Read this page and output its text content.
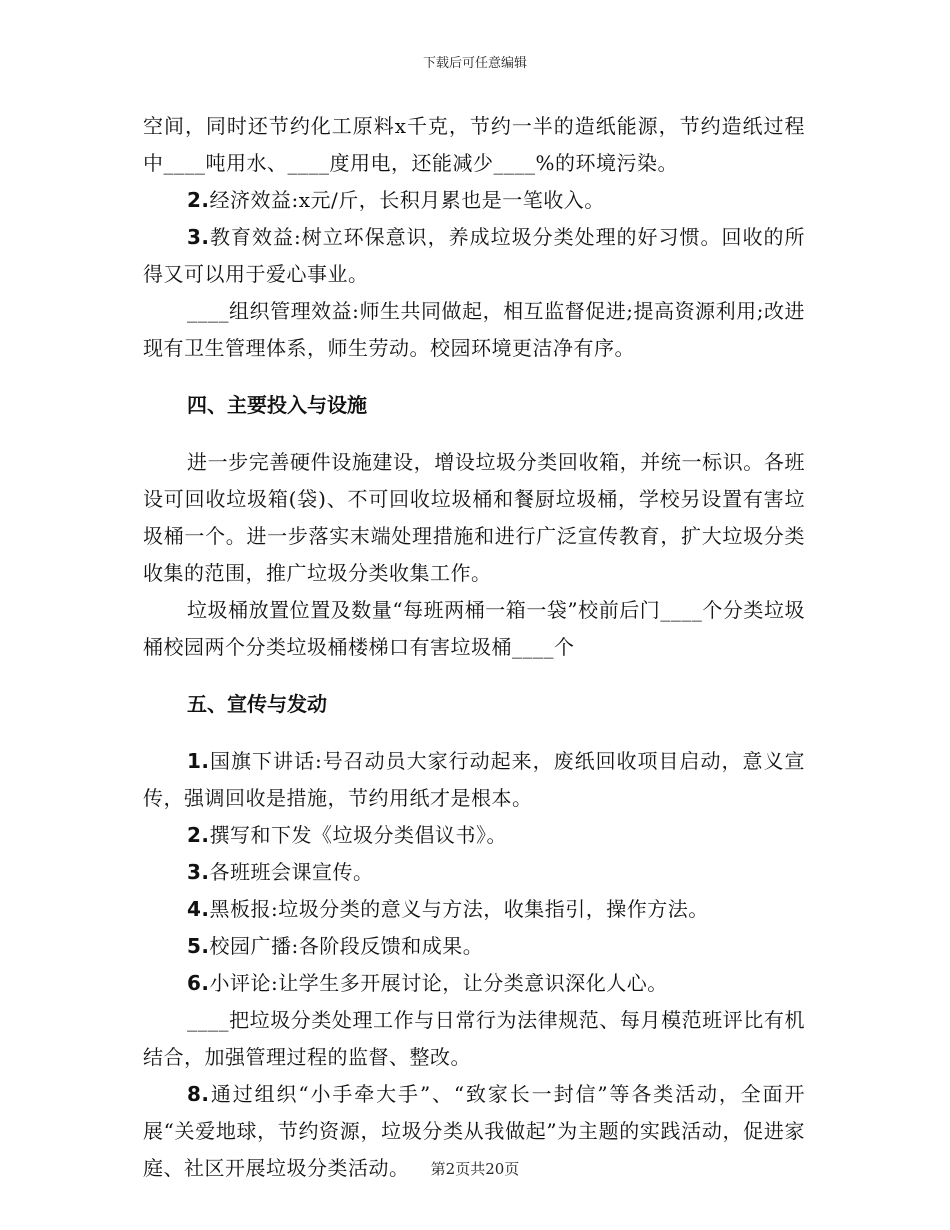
下载后可任意编辑

空间，同时还节约化工原料x千克，节约一半的造纸能源，节约造纸过程中____吨用水、____度用电，还能减少____%的环境污染。

2.经济效益:x元/斤，长积月累也是一笔收入。

3.教育效益:树立环保意识，养成垃圾分类处理的好习惯。回收的所得又可以用于爱心事业。

____组织管理效益:师生共同做起，相互监督促进;提高资源利用;改进现有卫生管理体系，师生劳动。校园环境更洁净有序。

四、主要投入与设施

进一步完善硬件设施建设，增设垃圾分类回收箱，并统一标识。各班设可回收垃圾箱(袋)、不可回收垃圾桶和餐厨垃圾桶，学校另设置有害垃圾桶一个。进一步落实末端处理措施和进行广泛宣传教育，扩大垃圾分类收集的范围，推广垃圾分类收集工作。

垃圾桶放置位置及数量“每班两桶一箱一袋”校前后门____个分类垃圾桶校园两个分类垃圾桶楼梯口有害垃圾桶____个

五、宣传与发动

1.国旗下讲话:号召动员大家行动起来，废纸回收项目启动，意义宣传，强调回收是措施，节约用纸才是根本。

2.撰写和下发《垃圾分类倡议书》。

3.各班班会课宣传。

4.黑板报:垃圾分类的意义与方法，收集指引，操作方法。

5.校园广播:各阶段反馈和成果。

6.小评论:让学生多开展讨论，让分类意识深化人心。

____把垃圾分类处理工作与日常行为法律规范、每月模范班评比有机结合，加强管理过程的监督、整改。

8.通过组织“小手牵大手”、“致家长一封信”等各类活动，全面开展“关爱地球，节约资源，垃圾分类从我做起”为主题的实践活动，促进家庭、社区开展垃圾分类活动。	第2页共20页
